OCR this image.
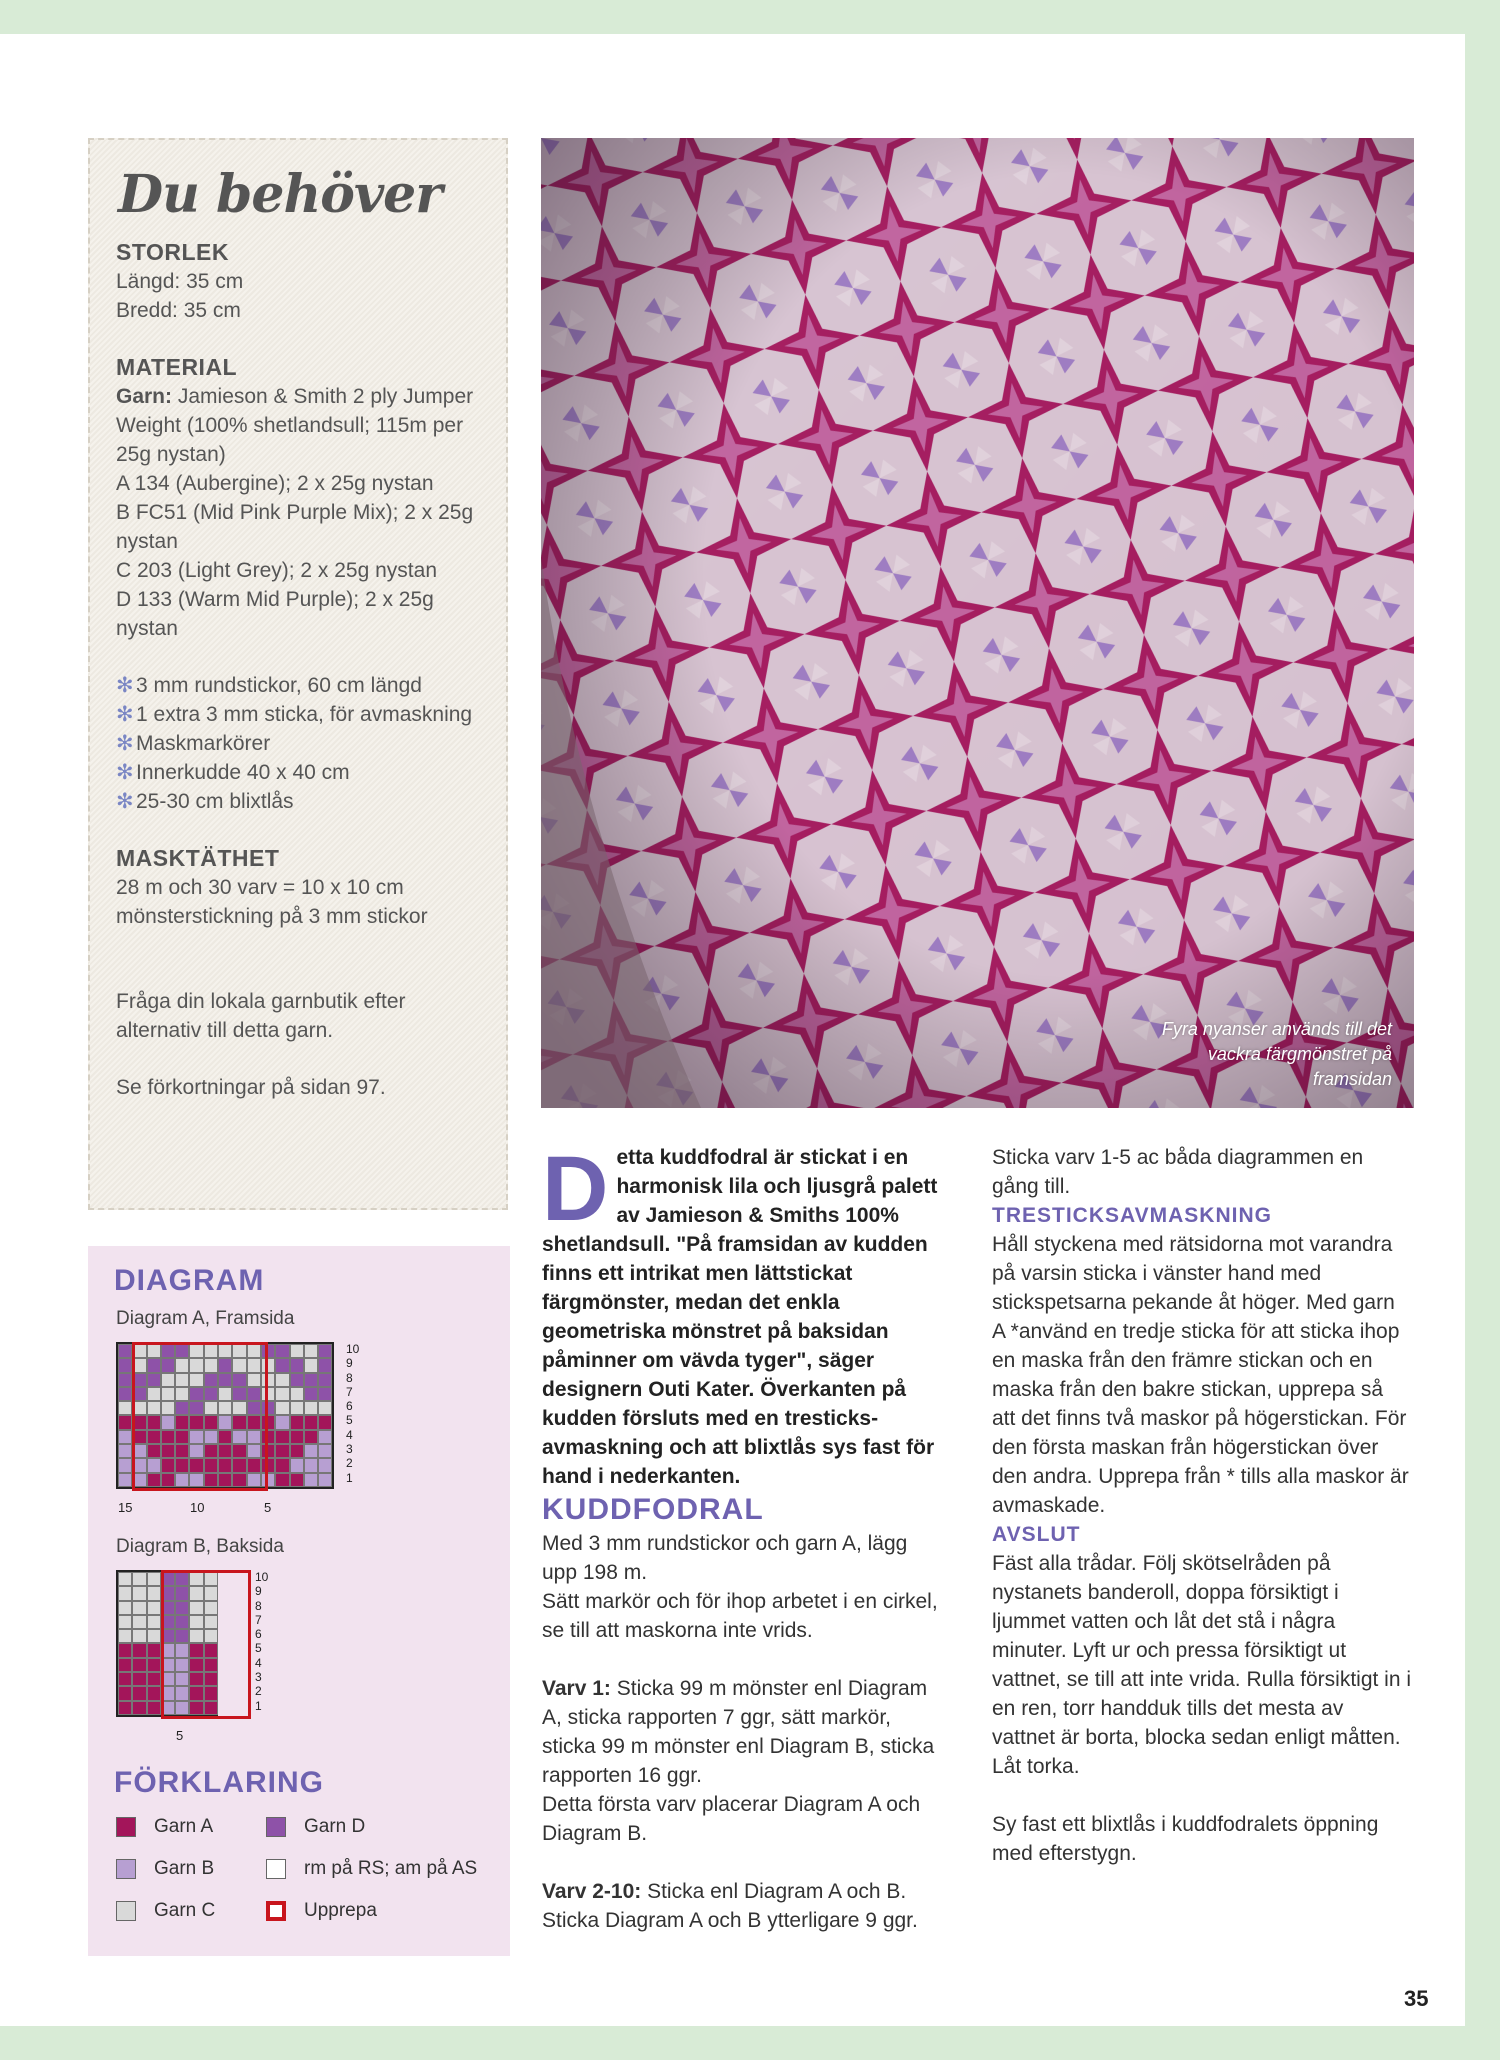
Du behöver

STORLEK

Längd: 35 cm

Bredd: 35 cm

MATERIAL

Garn: Jamieson & Smith 2 ply Jumper Weight (100% shetlandsull; 115m per 25g nystan)

A 134 (Aubergine); 2 x 25g nystan

B FC51 (Mid Pink Purple Mix); 2 x 25g        nystan

C 203 (Light Grey); 2 x 25g nystan

D 133 (Warm Mid Purple); 2 x 25g nystan

✻ 3 mm rundstickor, 60 cm längd
✻ 1 extra 3 mm sticka, för avmaskning
✻ Maskmarkörer
✻ Innerkudde 40 x 40 cm
✻ 25-30 cm blixtlås

MASKTÄTHET

28 m och 30 varv = 10 x 10 cm mönsterstickning på 3 mm stickor

Fråga din lokala garnbutik efter alternativ till detta garn.

Se förkortningar på sidan 97.

DIAGRAM
Diagram A, Framsida
10
9
8
7
6
5
4
3
2
1
15	10	5
Diagram B, Baksida
10
9
8
7
6
5
4
3
2
1
5
FÖRKLARING
Garn A	Garn D
Garn B	rm på RS; am på AS
Garn C	Upprepa
Fyra nyanser används till det vackra färgmönstret på framsidan

Detta kuddfodral är stickat i en harmonisk lila och ljusgrå palett av Jamieson & Smiths 100% shetlandsull. "På framsidan av kudden finns ett intrikat men lättstickat färgmönster, medan det enkla geometriska mönstret på baksidan påminner om vävda tyger", säger designern Outi Kater. Överkanten på kudden försluts med en tresticks-avmaskning och att blixtlås sys fast för hand i nederkanten.

KUDDFODRAL

Med 3 mm rundstickor och garn A, lägg upp 198 m.

Sätt markör och för ihop arbetet i en cirkel, se till att maskorna inte vrids.

Varv 1: Sticka 99 m mönster enl Diagram A, sticka rapporten 7 ggr, sätt markör, sticka 99 m mönster enl Diagram B, sticka rapporten 16 ggr.

Detta första varv placerar Diagram A och Diagram B.

Varv 2-10: Sticka enl Diagram A och B. Sticka Diagram A och B ytterligare 9 ggr.

Sticka varv 1-5 ac båda diagrammen en gång till.

TRESTICKSAVMASKNING

Håll styckena med rätsidorna mot varandra på varsin sticka i vänster hand med stickspetsarna pekande åt höger. Med garn A *använd en tredje sticka för att sticka ihop en maska från den främre stickan och en maska från den bakre stickan, upprepa så att det finns två maskor på högerstickan. För den första maskan från högerstickan över den andra. Upprepa från * tills alla maskor är avmaskade.

AVSLUT

Fäst alla trådar. Följ skötselråden på nystanets banderoll, doppa försiktigt i ljummet vatten och låt det stå i några minuter. Lyft ur och pressa försiktigt ut vattnet, se till att inte vrida. Rulla försiktigt in i en ren, torr handduk tills det mesta av vattnet är borta, blocka sedan enligt måtten. Låt torka.

Sy fast ett blixtlås i kuddfodralets öppning med efterstygn.

35
